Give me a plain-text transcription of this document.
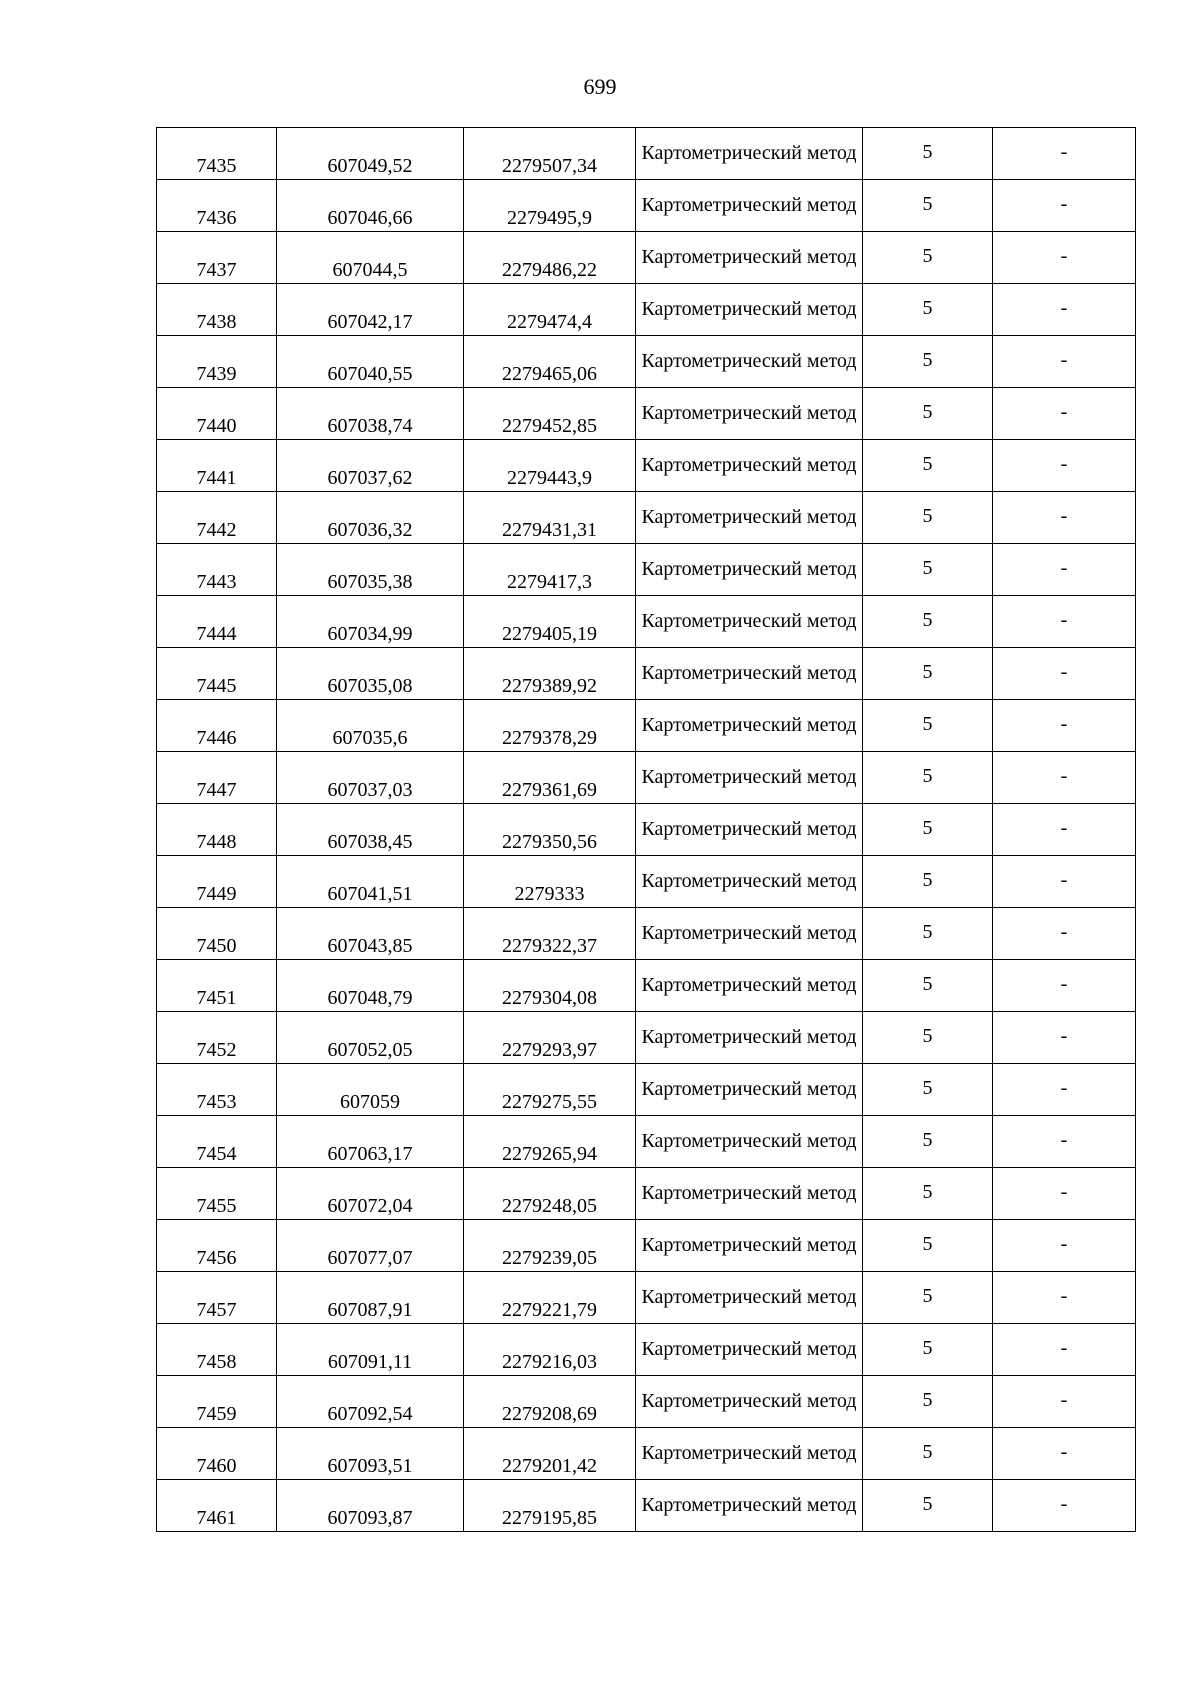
699
7435	607049,52	2279507,34	Картометрический метод	5	-

7436	607046,66	2279495,9	Картометрический метод	5	-

7437	607044,5	2279486,22	Картометрический метод	5	-

7438	607042,17	2279474,4	Картометрический метод	5	-

7439	607040,55	2279465,06	Картометрический метод	5	-

7440	607038,74	2279452,85	Картометрический метод	5	-

7441	607037,62	2279443,9	Картометрический метод	5	-

7442	607036,32	2279431,31	Картометрический метод	5	-

7443	607035,38	2279417,3	Картометрический метод	5	-

7444	607034,99	2279405,19	Картометрический метод	5	-

7445	607035,08	2279389,92	Картометрический метод	5	-

7446	607035,6	2279378,29	Картометрический метод	5	-

7447	607037,03	2279361,69	Картометрический метод	5	-

7448	607038,45	2279350,56	Картометрический метод	5	-

7449	607041,51	2279333	Картометрический метод	5	-

7450	607043,85	2279322,37	Картометрический метод	5	-

7451	607048,79	2279304,08	Картометрический метод	5	-

7452	607052,05	2279293,97	Картометрический метод	5	-

7453	607059	2279275,55	Картометрический метод	5	-

7454	607063,17	2279265,94	Картометрический метод	5	-

7455	607072,04	2279248,05	Картометрический метод	5	-

7456	607077,07	2279239,05	Картометрический метод	5	-

7457	607087,91	2279221,79	Картометрический метод	5	-

7458	607091,11	2279216,03	Картометрический метод	5	-

7459	607092,54	2279208,69	Картометрический метод	5	-

7460	607093,51	2279201,42	Картометрический метод	5	-

7461	607093,87	2279195,85	Картометрический метод	5	-
